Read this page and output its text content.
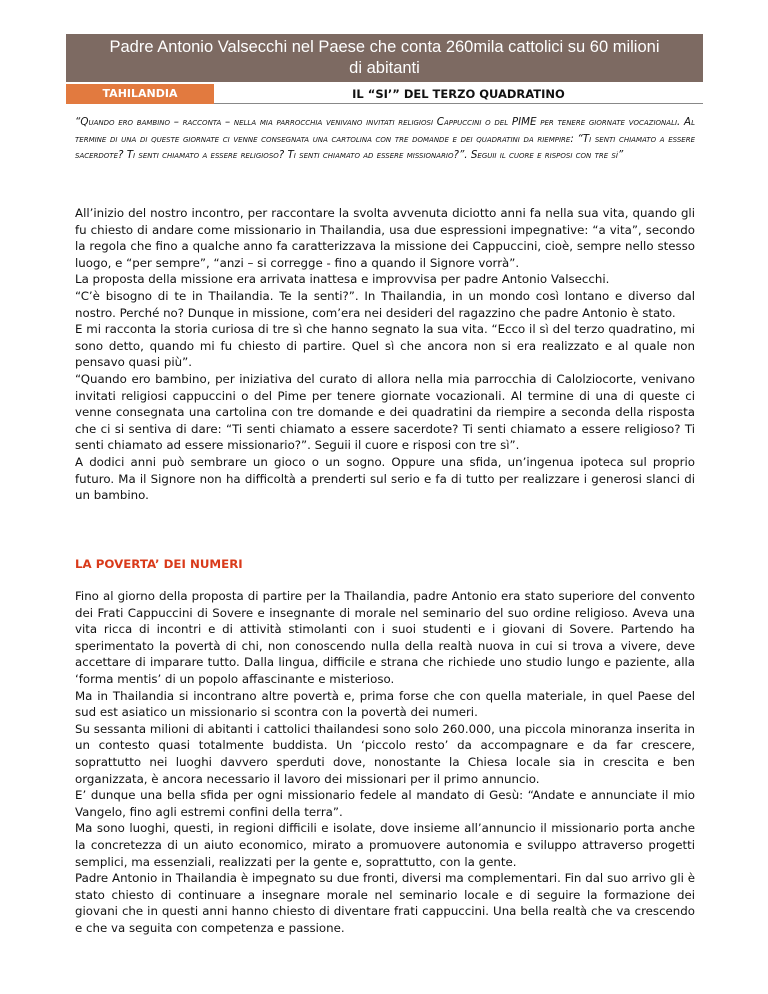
Padre Antonio Valsecchi nel Paese che conta 260mila cattolici su 60 milioni
di abitanti
TAHILANDIA	IL “SI’” DEL TERZO QUADRATINO

“Quando ero bambino – racconta – nella mia parrocchia venivano invitati religiosi Cappuccini o del PIME per tenere giornate vocazionali. Al termine di una di queste giornate ci venne consegnata una cartolina con tre domande e dei quadratini da riempire: “Ti senti chiamato a essere sacerdote? Ti senti chiamato a essere religioso? Ti senti chiamato ad essere missionario?”. Seguii il cuore e risposi con tre sì”

All’inizio del nostro incontro, per raccontare la svolta avvenuta diciotto anni fa nella sua vita, quando gli fu chiesto di andare come missionario in Thailandia, usa due espressioni impegnative: “a vita”, secondo la regola che fino a qualche anno fa caratterizzava la missione dei Cappuccini, cioè, sempre nello stesso luogo, e “per sempre”, “anzi – si corregge - fino a quando il Signore vorrà”.

La proposta della missione era arrivata inattesa e improvvisa per padre Antonio Valsecchi.

“C’è bisogno di te in Thailandia. Te la senti?”. In Thailandia, in un mondo così lontano e diverso dal nostro. Perché no? Dunque in missione, com’era nei desideri del ragazzino che padre Antonio è stato.

E mi racconta la storia curiosa di tre sì che hanno segnato la sua vita. “Ecco il sì del terzo quadratino, mi sono detto, quando mi fu chiesto di partire. Quel sì che ancora non si era realizzato e al quale non pensavo quasi più”.

“Quando ero bambino, per iniziativa del curato di allora nella mia parrocchia di Calolziocorte, venivano invitati religiosi cappuccini o del Pime per tenere giornate vocazionali. Al termine di una di queste ci venne consegnata una cartolina con tre domande e dei quadratini da riempire a seconda della risposta che ci si sentiva di dare: “Ti senti chiamato a essere sacerdote? Ti senti chiamato a essere religioso? Ti senti chiamato ad essere missionario?”. Seguii il cuore e risposi con tre sì”.

A dodici anni può sembrare un gioco o un sogno. Oppure una sfida, un’ingenua ipoteca sul proprio futuro. Ma il Signore non ha difficoltà a prenderti sul serio e fa di tutto per realizzare i generosi slanci di un bambino.

LA POVERTA’ DEI NUMERI

Fino al giorno della proposta di partire per la Thailandia, padre Antonio era stato superiore del convento dei Frati Cappuccini di Sovere e insegnante di morale nel seminario del suo ordine religioso. Aveva una vita ricca di incontri e di attività stimolanti con i suoi studenti e i giovani di Sovere. Partendo ha sperimentato la povertà di chi, non conoscendo nulla della realtà nuova in cui si trova a vivere, deve accettare di imparare tutto. Dalla lingua, difficile e strana che richiede uno studio lungo e paziente, alla ‘forma mentis’ di un popolo affascinante e misterioso.

Ma in Thailandia si incontrano altre povertà e, prima forse che con quella materiale, in quel Paese del sud est asiatico un missionario si scontra con la povertà dei numeri.

Su sessanta milioni di abitanti i cattolici thailandesi sono solo 260.000, una piccola minoranza inserita in un contesto quasi totalmente buddista. Un ‘piccolo resto’ da accompagnare e da far crescere, soprattutto nei luoghi davvero sperduti dove, nonostante la Chiesa locale sia in crescita e ben organizzata, è ancora necessario il lavoro dei missionari per il primo annuncio.

E’ dunque una bella sfida per ogni missionario fedele al mandato di Gesù: “Andate e annunciate il mio Vangelo, fino agli estremi confini della terra”.

Ma sono luoghi, questi, in regioni difficili e isolate, dove insieme all’annuncio il missionario porta anche la concretezza di un aiuto economico, mirato a promuovere autonomia e sviluppo attraverso progetti semplici, ma essenziali, realizzati per la gente e, soprattutto, con la gente.

Padre Antonio in Thailandia è impegnato su due fronti, diversi ma complementari. Fin dal suo arrivo gli è stato chiesto di continuare a insegnare morale nel seminario locale e di seguire la formazione dei giovani che in questi anni hanno chiesto di diventare frati cappuccini. Una bella realtà che va crescendo e che va seguita con competenza e passione.
